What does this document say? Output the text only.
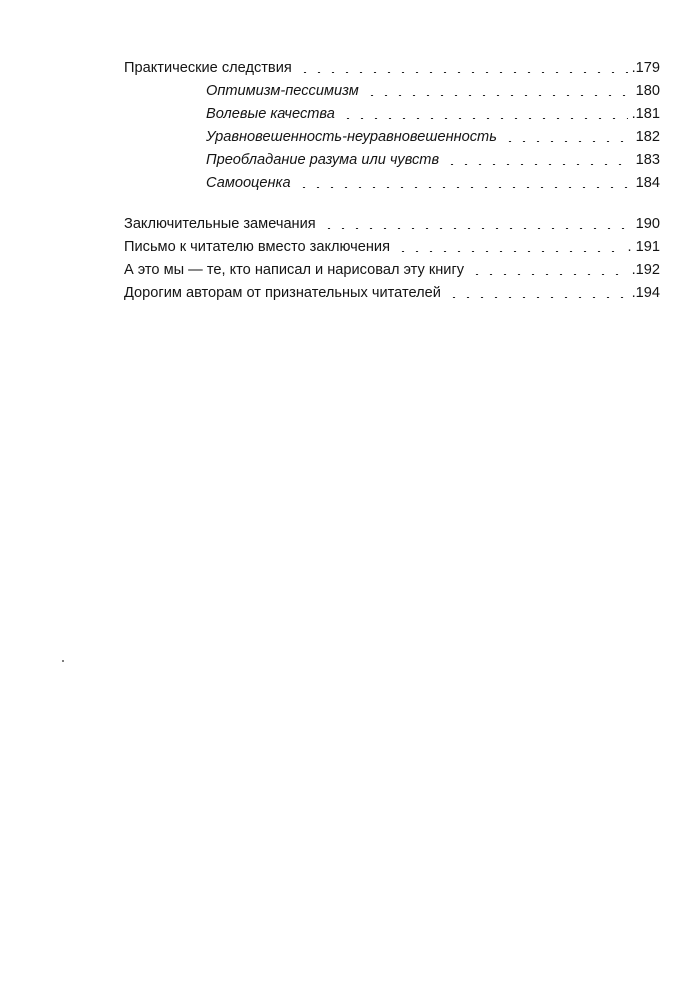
Практические следствия	.179
Оптимизм-пессимизм	180
Волевые качества	.181
Уравновешенность-неуравновешенность	182
Преобладание разума или чувств	183
Самооценка	184
Заключительные замечания	190
Письмо к читателю вместо заключения	. 191
А это мы — те, кто написал и нарисовал эту книгу	.192
Дорогим авторам от признательных читателей	.194
